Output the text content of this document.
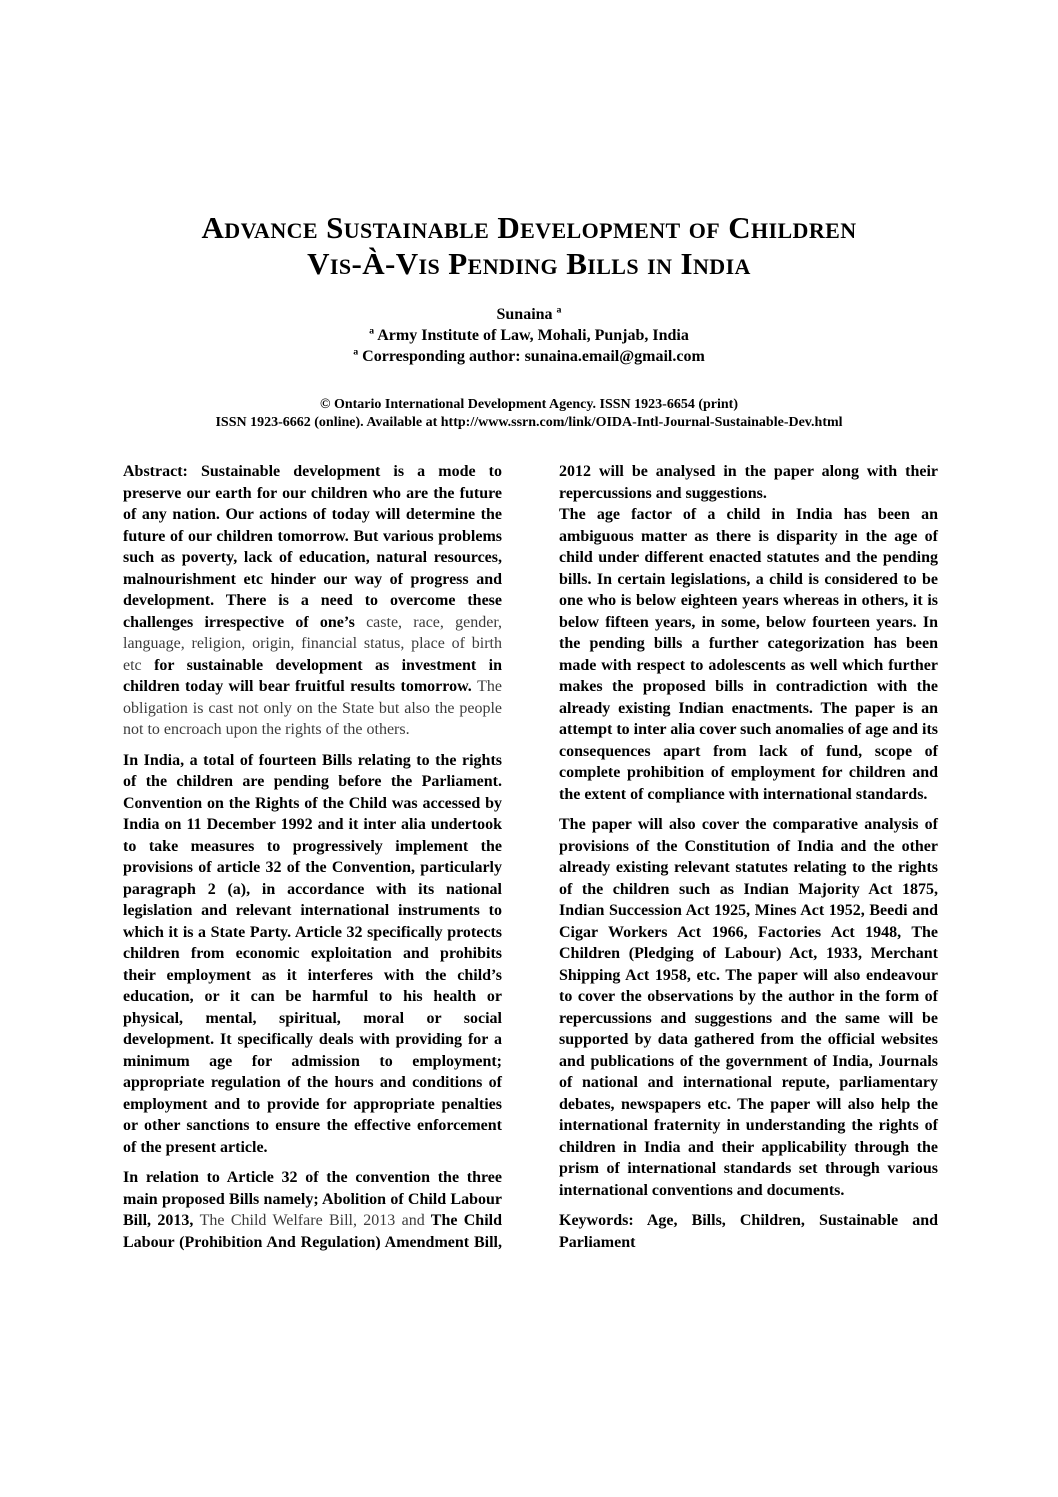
Advance Sustainable Development of Children
Vis-À-Vis Pending Bills in India
Sunaina $^a$
$^a$ Army Institute of Law, Mohali, Punjab, India
$^a$ Corresponding author: sunaina.email@gmail.com
© Ontario International Development Agency. ISSN 1923-6654 (print)
ISSN 1923-6662 (online). Available at http://www.ssrn.com/link/OIDA-Intl-Journal-Sustainable-Dev.html

Abstract: Sustainable development is a mode to preserve our earth for our children who are the future of any nation. Our actions of today will determine the future of our children tomorrow. But various problems such as poverty, lack of education, natural resources, malnourishment etc hinder our way of progress and development. There is a need to overcome these challenges irrespective of one’s caste, race, gender, language, religion, origin, financial status, place of birth etc for sustainable development as investment in children today will bear fruitful results tomorrow. The obligation is cast not only on the State but also the people not to encroach upon the rights of the others.

In India, a total of fourteen Bills relating to the rights of the children are pending before the Parliament. Convention on the Rights of the Child was accessed by India on 11 December 1992 and it inter alia undertook to take measures to progressively implement the provisions of article 32 of the Convention, particularly paragraph 2 (a), in accordance with its national legislation and relevant international instruments to which it is a State Party. Article 32 specifically protects children from economic exploitation and prohibits their employment as it interferes with the child’s education, or it can be harmful to his health or physical, mental, spiritual, moral or social development. It specifically deals with providing for a minimum age for admission to employment; appropriate regulation of the hours and conditions of employment and to provide for appropriate penalties or other sanctions to ensure the effective enforcement of the present article.

In relation to Article 32 of the convention the three main proposed Bills namely; Abolition of Child Labour Bill, 2013, The Child Welfare Bill, 2013 and The Child Labour (Prohibition And Regulation) Amendment Bill, 2012 will be analysed in the paper along with their repercussions and suggestions.

The age factor of a child in India has been an ambiguous matter as there is disparity in the age of child under different enacted statutes and the pending bills. In certain legislations, a child is considered to be one who is below eighteen years whereas in others, it is below fifteen years, in some, below fourteen years. In the pending bills a further categorization has been made with respect to adolescents as well which further makes the proposed bills in contradiction with the already existing Indian enactments. The paper is an attempt to inter alia cover such anomalies of age and its consequences apart from lack of fund, scope of complete prohibition of employment for children and the extent of compliance with international standards.

The paper will also cover the comparative analysis of provisions of the Constitution of India and the other already existing relevant statutes relating to the rights of the children such as Indian Majority Act 1875, Indian Succession Act 1925, Mines Act 1952, Beedi and Cigar Workers Act 1966, Factories Act 1948, The Children (Pledging of Labour) Act, 1933, Merchant Shipping Act 1958, etc. The paper will also endeavour to cover the observations by the author in the form of repercussions and suggestions and the same will be supported by data gathered from the official websites and publications of the government of India, Journals of national and international repute, parliamentary debates, newspapers etc. The paper will also help the international fraternity in understanding the rights of children in India and their applicability through the prism of international standards set through various international conventions and documents.

Keywords: Age, Bills, Children, Sustainable and Parliament
